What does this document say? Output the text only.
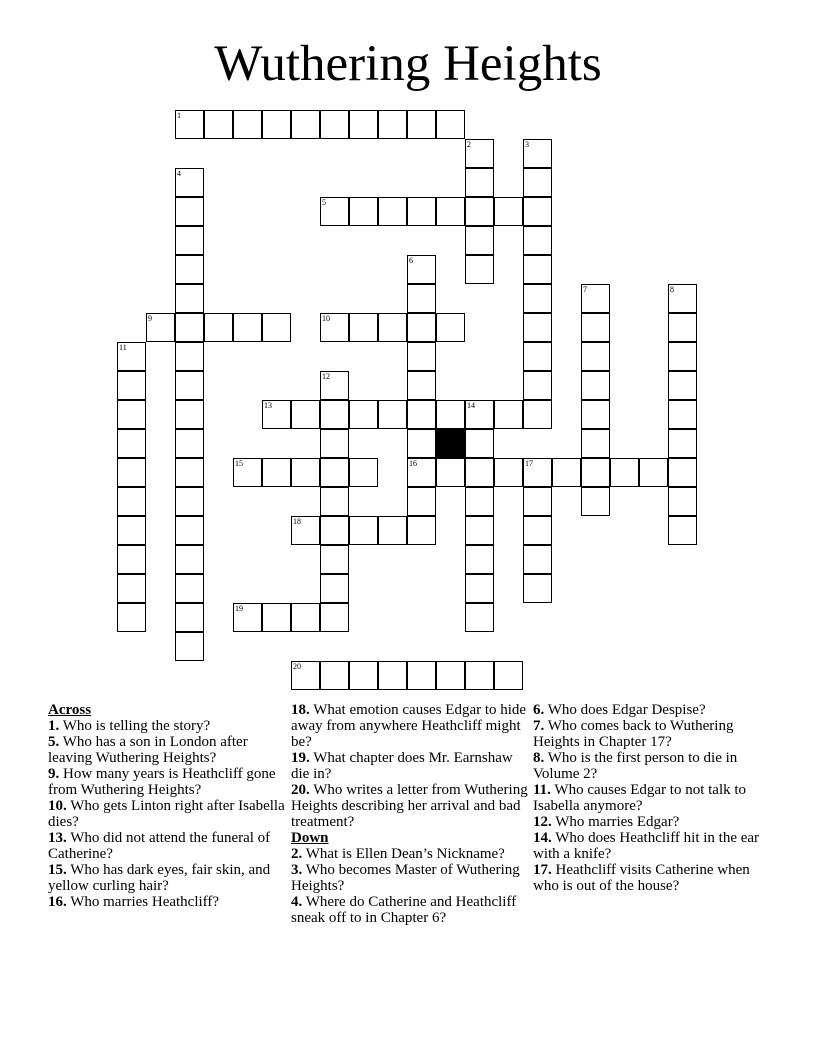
Wuthering Heights
1
2	3
4
5
6
16
7	8
9	10
11
12
13	14
15	17
18
19
20

Across

1. Who is telling the story?

5. Who has a son in London after leaving Wuthering Heights?

9. How many years is Heathcliff gone from Wuthering Heights?

10. Who gets Linton right after Isabella dies?

13. Who did not attend the funeral of Catherine?

15. Who has dark eyes, fair skin, and yellow curling hair?

16. Who marries Heathcliff?

18. What emotion causes Edgar to hide away from anywhere Heathcliff might be?

19. What chapter does Mr. Earnshaw die in?

20. Who writes a letter from Wuthering Heights describing her arrival and bad treatment?

Down

2. What is Ellen Dean’s Nickname?

3. Who becomes Master of Wuthering Heights?

4. Where do Catherine and Heathcliff sneak off to in Chapter 6?

6. Who does Edgar Despise?

7. Who comes back to Wuthering Heights in Chapter 17?

8. Who is the first person to die in Volume 2?

11. Who causes Edgar to not talk to Isabella anymore?

12. Who marries Edgar?

14. Who does Heathcliff hit in the ear with a knife?

17. Heathcliff visits Catherine when who is out of the house?
